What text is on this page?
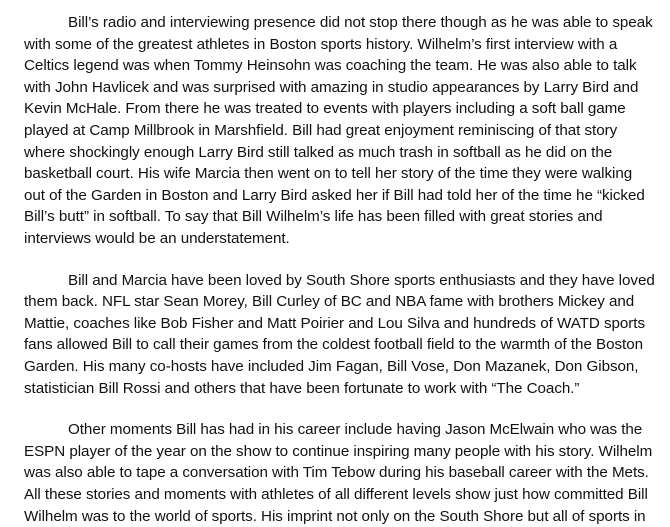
Bill’s radio and interviewing presence did not stop there though as he was able to speak
with some of the greatest athletes in Boston sports history. Wilhelm’s first interview with a
Celtics legend was when Tommy Heinsohn was coaching the team. He was also able to talk
with John Havlicek and was surprised with amazing in studio appearances by Larry Bird and
Kevin McHale. From there he was treated to events with players including a soft ball game
played at Camp Millbrook in Marshfield. Bill had great enjoyment reminiscing of that story
where shockingly enough Larry Bird still talked as much trash in softball as he did on the
basketball court. His wife Marcia then went on to tell her story of the time they were walking
out of the Garden in Boston and Larry Bird asked her if Bill had told her of the time he “kicked
Bill’s butt” in softball. To say that Bill Wilhelm’s life has been filled with great stories and
interviews would be an understatement.
Bill and Marcia have been loved by South Shore sports enthusiasts and they have loved
them back. NFL star Sean Morey, Bill Curley of BC and NBA fame with brothers Mickey and
Mattie, coaches like Bob Fisher and Matt Poirier and Lou Silva and hundreds of WATD sports
fans allowed Bill to call their games from the coldest football field to the warmth of the Boston
Garden. His many co-hosts have included Jim Fagan, Bill Vose, Don Mazanek, Don Gibson,
statistician Bill Rossi and others that have been fortunate to work with “The Coach.”
Other moments Bill has had in his career include having Jason McElwain who was the
ESPN player of the year on the show to continue inspiring many people with his story. Wilhelm
was also able to tape a conversation with Tim Tebow during his baseball career with the Mets.
All these stories and moments with athletes of all different levels show just how committed Bill
Wilhelm was to the world of sports. His imprint not only on the South Shore but all of sports in
